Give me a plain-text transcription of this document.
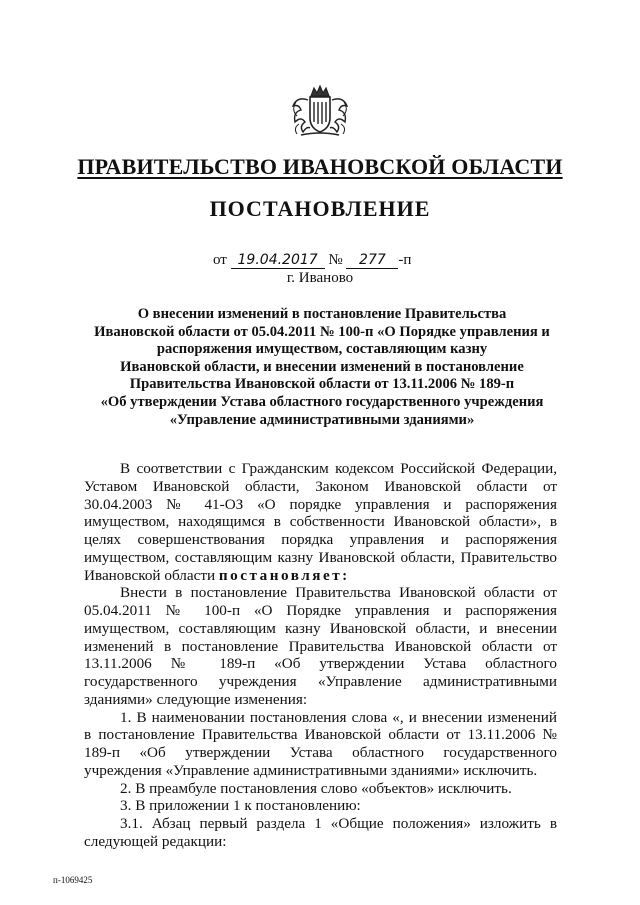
ПРАВИТЕЛЬСТВО ИВАНОВСКОЙ ОБЛАСТИ
ПОСТАНОВЛЕНИЕ
от 19.04.2017 № 277 -п
г. Иваново
О внесении изменений в постановление Правительства
Ивановской области от 05.04.2011 № 100-п «О Порядке управления и
распоряжения имуществом, составляющим казну
Ивановской области, и внесении изменений в постановление
Правительства Ивановской области от 13.11.2006 № 189-п
«Об утверждении Устава областного государственного учреждения
«Управление административными зданиями»

В соответствии с Гражданским кодексом Российской Федерации, Уставом Ивановской области, Законом Ивановской области от 30.04.2003 № 41-ОЗ «О порядке управления и распоряжения имуществом, находящимся в собственности Ивановской области», в целях совершенствования порядка управления и распоряжения имуществом, составляющим казну Ивановской области, Правительство Ивановской области постановляет:

Внести в постановление Правительства Ивановской области от 05.04.2011 № 100-п «О Порядке управления и распоряжения имуществом, составляющим казну Ивановской области, и внесении изменений в постановление Правительства Ивановской области от 13.11.2006 № 189-п «Об утверждении Устава областного государственного учреждения «Управление административными зданиями» следующие изменения:

1. В наименовании постановления слова «, и внесении изменений в постановление Правительства Ивановской области от 13.11.2006 № 189-п «Об утверждении Устава областного государственного учреждения «Управление административными зданиями» исключить.

2. В преамбуле постановления слово «объектов» исключить.

3. В приложении 1 к постановлению:

3.1. Абзац первый раздела 1 «Общие положения» изложить в следующей редакции:

п-1069425
